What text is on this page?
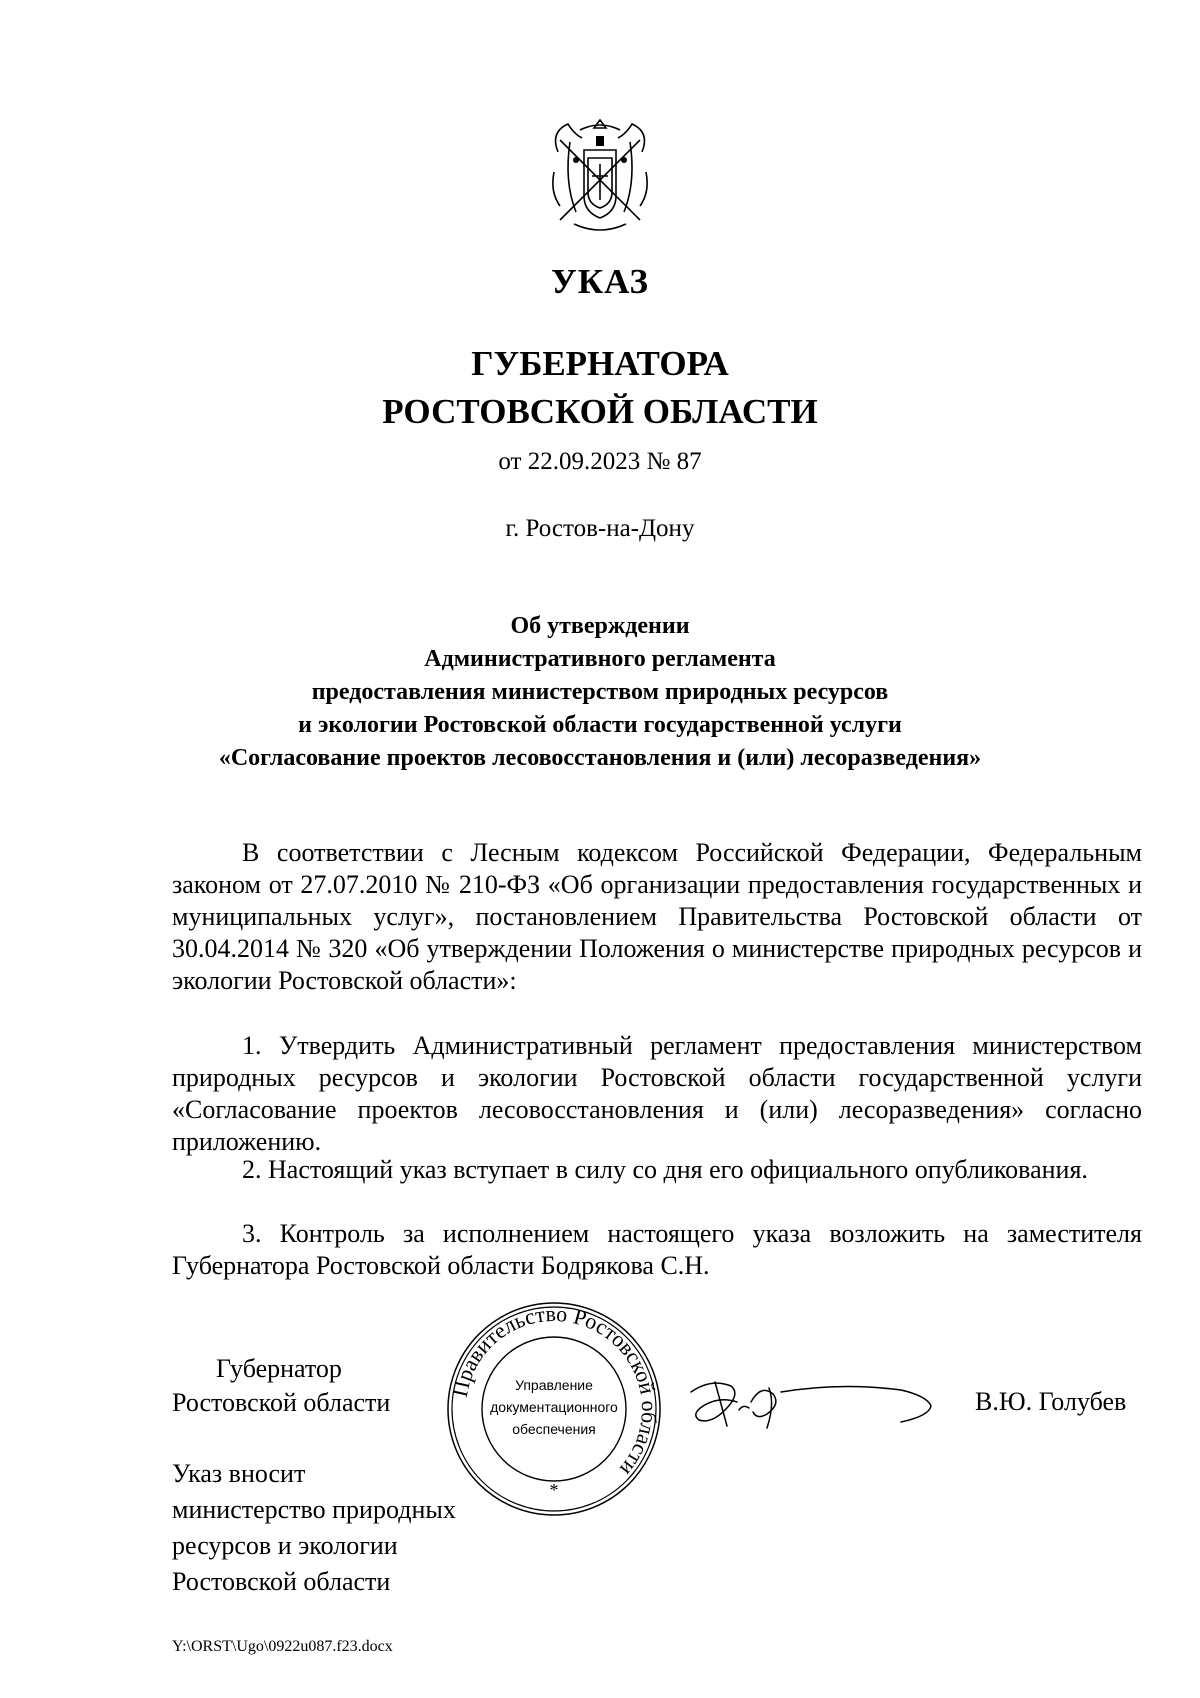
УКАЗ
ГУБЕРНАТОРА
РОСТОВСКОЙ ОБЛАСТИ
от 22.09.2023 № 87
г. Ростов-на-Дону
Об утверждении
Административного регламента
предоставления министерством природных ресурсов
и экологии Ростовской области государственной услуги
«Согласование проектов лесовосстановления и (или) лесоразведения»
В соответствии с Лесным кодексом Российской Федерации, Федеральным законом от 27.07.2010 № 210-ФЗ «Об организации предоставления государственных и муниципальных услуг», постановлением Правительства Ростовской области от 30.04.2014 № 320 «Об утверждении Положения о министерстве природных ресурсов и экологии Ростовской области»:
1. Утвердить Административный регламент предоставления министерством природных ресурсов и экологии Ростовской области государственной услуги «Согласование проектов лесовосстановления и (или) лесоразведения» согласно приложению.
2. Настоящий указ вступает в силу со дня его официального опубликования.
3. Контроль за исполнением настоящего указа возложить на заместителя Губернатора Ростовской области Бодрякова С.Н.
Губернатор
Ростовской области	Правительство Ростовской области
Управление
документационного
обеспечения
*
В.Ю. Голубев
Указ вносит
министерство природных
ресурсов и экологии
Ростовской области
Y:\ORST\Ugo\0922u087.f23.docx
